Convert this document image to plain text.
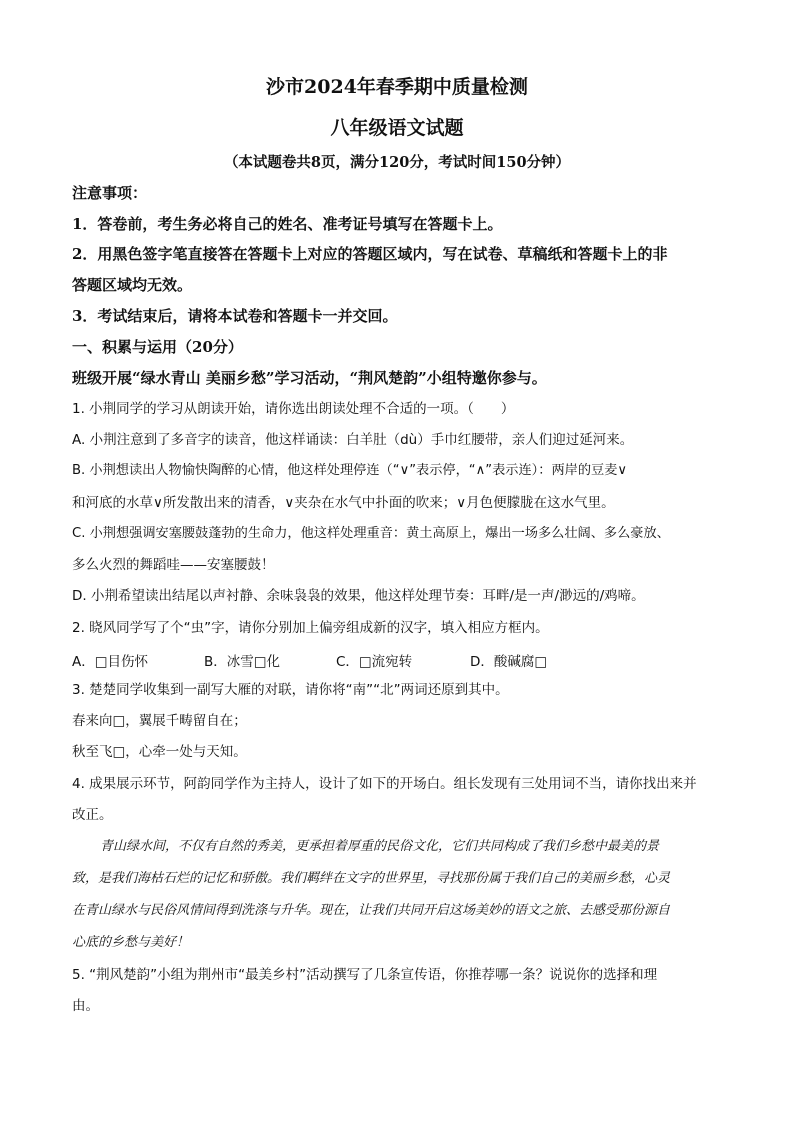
沙市2024年春季期中质量检测
八年级语文试题
（本试题卷共8页，满分120分，考试时间150分钟）
注意事项：
1．答卷前，考生务必将自己的姓名、准考证号填写在答题卡上。
2．用黑色签字笔直接答在答题卡上对应的答题区域内，写在试卷、草稿纸和答题卡上的非
答题区域均无效。
3．考试结束后，请将本试卷和答题卡一并交回。
一、积累与运用（20分）
班级开展“绿水青山 美丽乡愁”学习活动，“荆风楚韵”小组特邀你参与。
1. 小荆同学的学习从朗读开始，请你选出朗读处理不合适的一项。（　　）
A. 小荆注意到了多音字的读音，他这样诵读：白羊肚（dù）手巾红腰带，亲人们迎过延河来。
B. 小荆想读出人物愉快陶醉的心情，他这样处理停连（“∨”表示停，“∧”表示连）：两岸的豆麦∨
和河底的水草∨所发散出来的清香，∨夹杂在水气中扑面的吹来；∨月色便朦胧在这水气里。
C. 小荆想强调安塞腰鼓蓬勃的生命力，他这样处理重音：黄土高原上，爆出一场多么壮阔、多么豪放、
多么火烈的舞蹈哇——安塞腰鼓！
D. 小荆希望读出结尾以声衬静、余味袅袅的效果，他这样处理节奏：耳畔/是一声/渺远的/鸡啼。
2. 晓风同学写了个“虫”字，请你分别加上偏旁组成新的汉字，填入相应方框内。
A．□目伤怀	B．冰雪□化	C．□流宛转	D．酸碱腐□
3. 楚楚同学收集到一副写大雁的对联，请你将“南”“北”两词还原到其中。
春来向□，翼展千畴留自在；
秋至飞□，心牵一处与天知。
4. 成果展示环节，阿韵同学作为主持人，设计了如下的开场白。组长发现有三处用词不当，请你找出来并
改正。
青山绿水间，不仅有自然的秀美，更承担着厚重的民俗文化，它们共同构成了我们乡愁中最美的景
致，是我们海枯石烂的记忆和骄傲。我们羁绊在文字的世界里，寻找那份属于我们自己的美丽乡愁，心灵
在青山绿水与民俗风情间得到洗涤与升华。现在，让我们共同开启这场美妙的语文之旅、去感受那份源自
心底的乡愁与美好！
5. “荆风楚韵”小组为荆州市“最美乡村”活动撰写了几条宣传语，你推荐哪一条？说说你的选择和理
由。
